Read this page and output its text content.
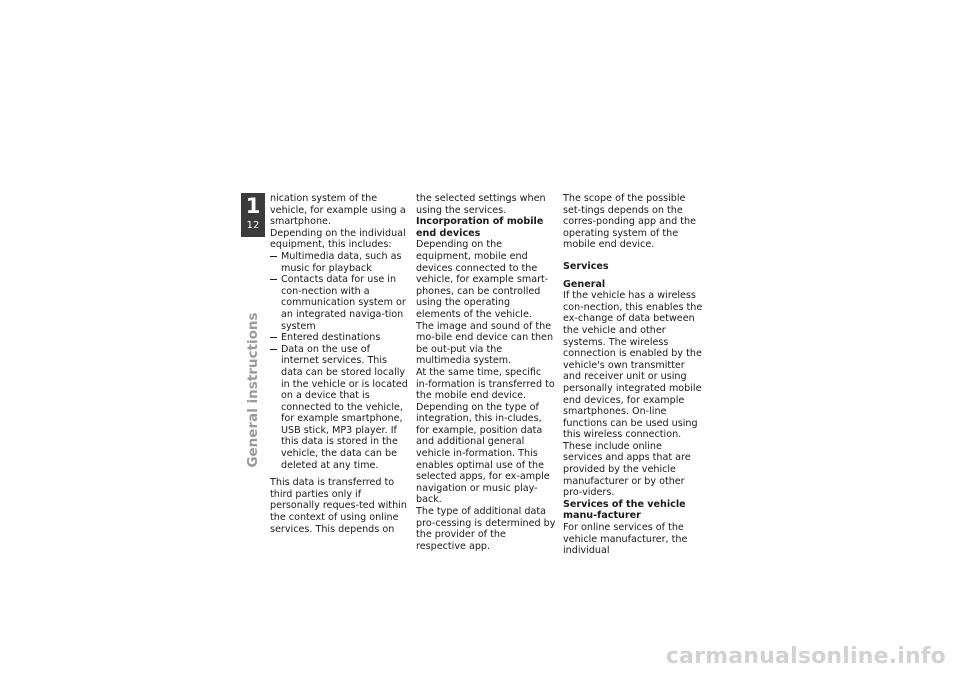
1
12
General instructions

nication system of the vehicle, for example using a smartphone.

Depending on the individual equipment, this includes:

Multimedia data, such as music for playback
Contacts data for use in con-nection with a communication system or an integrated naviga-tion system
Entered destinations
Data on the use of internet services. This data can be stored locally in the vehicle or is located on a device that is connected to the vehicle, for example smartphone, USB stick, MP3 player. If this data is stored in the vehicle, the data can be deleted at any time.

This data is transferred to third parties only if personally reques-ted within the context of using online services. This depends on

the selected settings when using the services.

Incorporation of mobile end devices

Depending on the equipment, mobile end devices connected to the vehicle, for example smart-phones, can be controlled using the operating elements of the vehicle.

The image and sound of the mo-bile end device can then be out-put via the multimedia system.

At the same time, specific in-formation is transferred to the mobile end device. Depending on the type of integration, this in-cludes, for example, position data and additional general vehicle in-formation. This enables optimal use of the selected apps, for ex-ample navigation or music play-back.

The type of additional data pro-cessing is determined by the provider of the respective app.

The scope of the possible set-tings depends on the corres-ponding app and the operating system of the mobile end device.

Services

General

If the vehicle has a wireless con-nection, this enables the ex-change of data between the vehicle and other systems. The wireless connection is enabled by the vehicle's own transmitter and receiver unit or using personally integrated mobile end devices, for example smartphones. On-line functions can be used using this wireless connection. These include online services and apps that are provided by the vehicle manufacturer or by other pro-viders.

Services of the vehicle manu-facturer

For online services of the vehicle manufacturer, the individual

carmanualsonline.info
